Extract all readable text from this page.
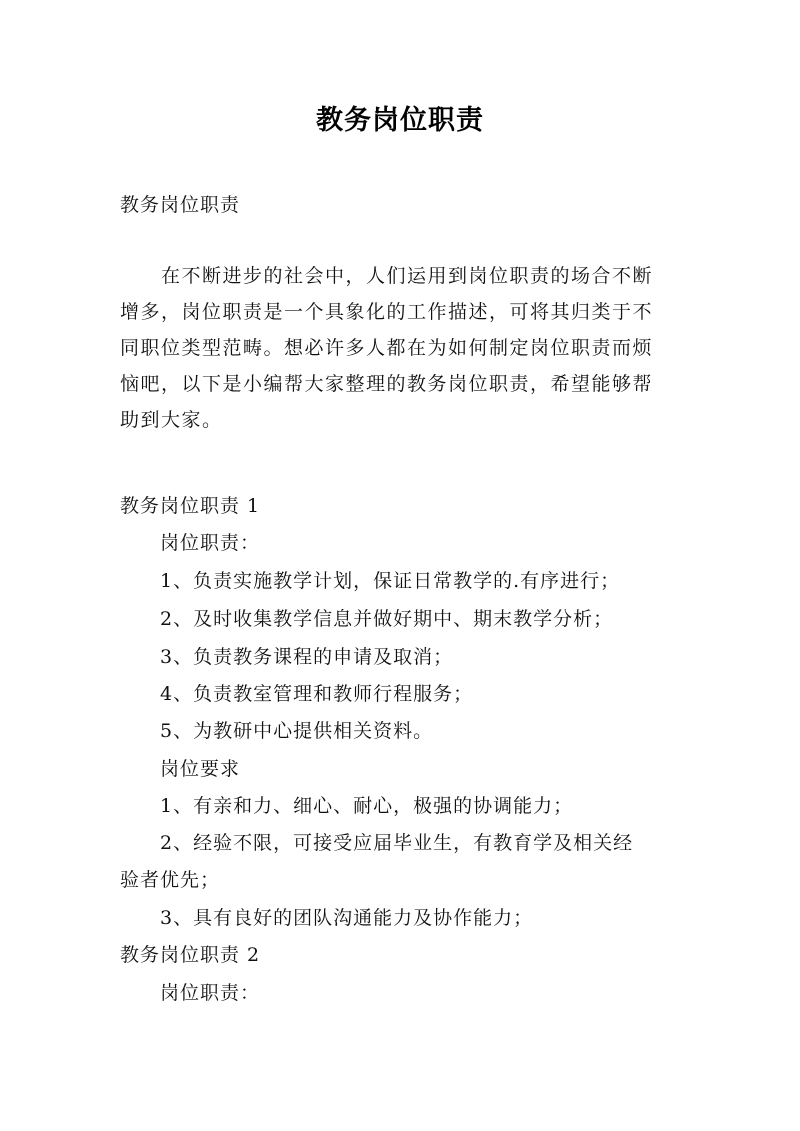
教务岗位职责
教务岗位职责
　　在不断进步的社会中，人们运用到岗位职责的场合不断
增多，岗位职责是一个具象化的工作描述，可将其归类于不
同职位类型范畴。想必许多人都在为如何制定岗位职责而烦
恼吧，以下是小编帮大家整理的教务岗位职责，希望能够帮
助到大家。
教务岗位职责 1
岗位职责：
1、负责实施教学计划，保证日常教学的.有序进行；
2、及时收集教学信息并做好期中、期末教学分析；
3、负责教务课程的申请及取消；
4、负责教室管理和教师行程服务；
5、为教研中心提供相关资料。
岗位要求
1、有亲和力、细心、耐心，极强的协调能力；
2、经验不限，可接受应届毕业生，有教育学及相关经
验者优先；
3、具有良好的团队沟通能力及协作能力；
教务岗位职责 2
岗位职责：
